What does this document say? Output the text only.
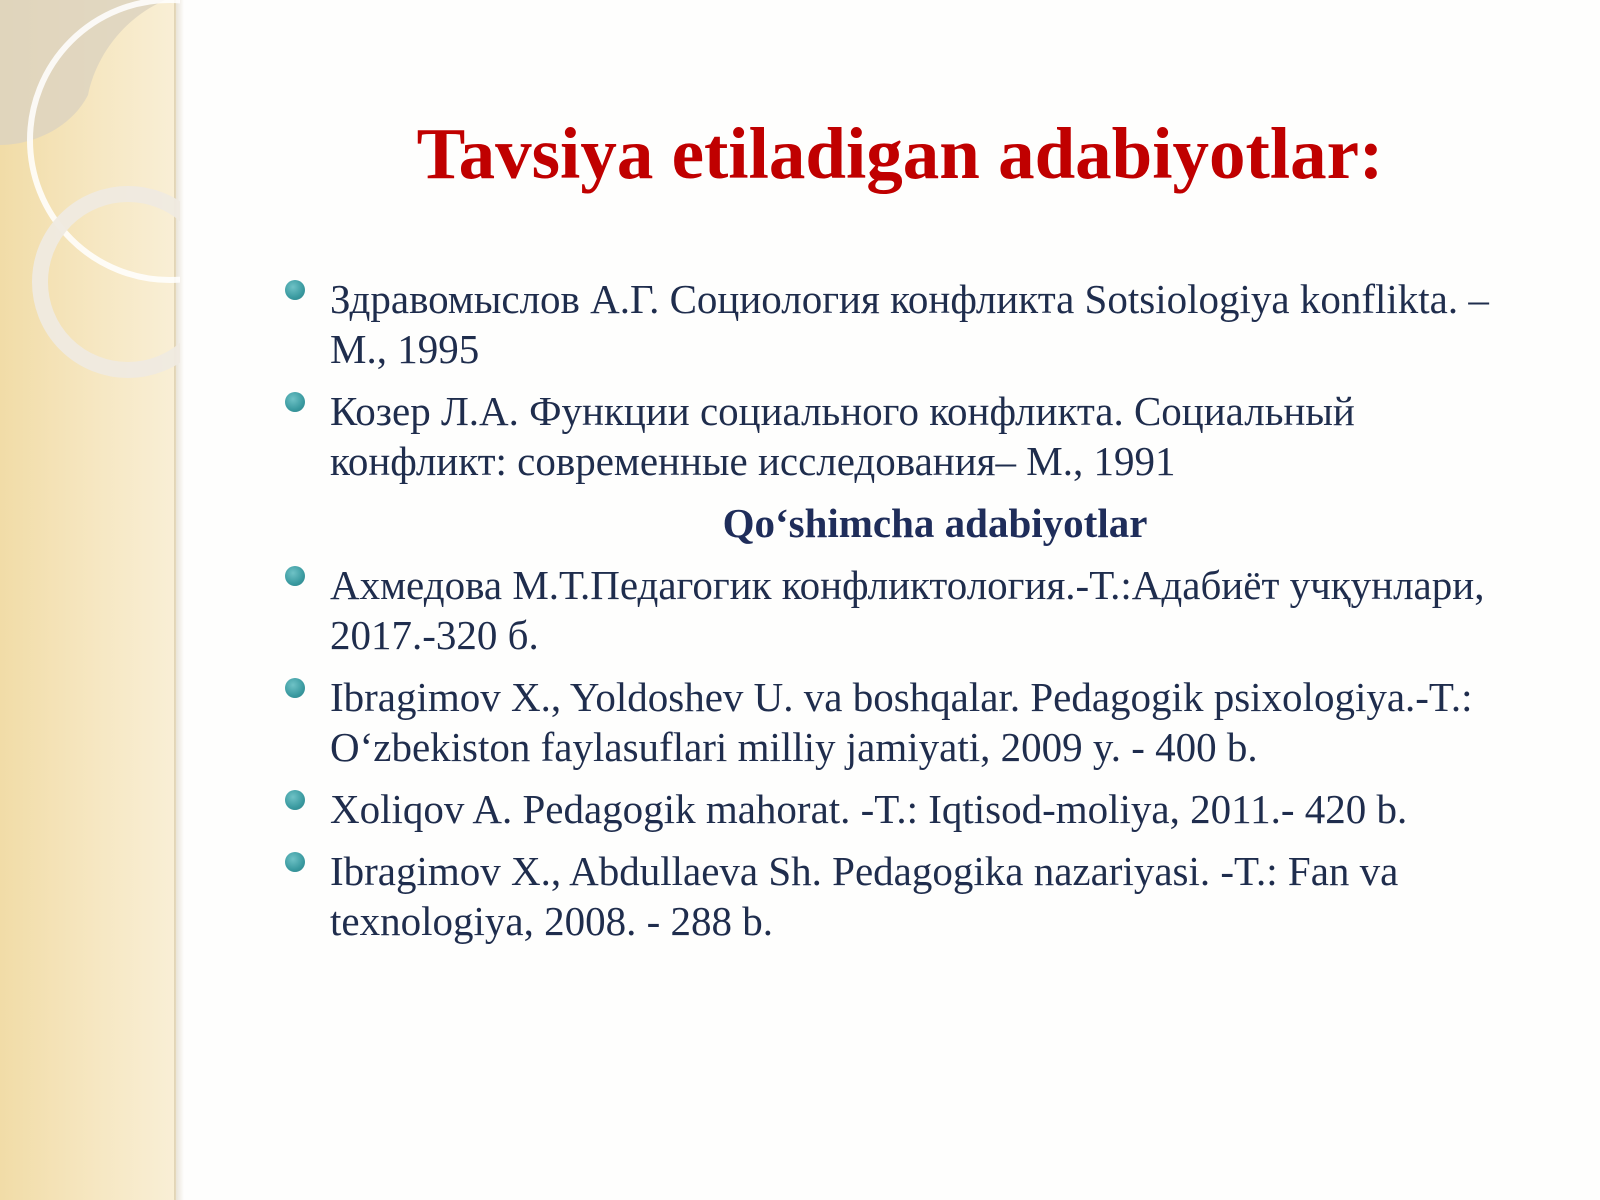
Tavsiya etiladigan adabiyotlar:
Здравомыслов А.Г. Социология конфликта Sotsiologiya konflikta. – M., 1995
Козер Л.А. Функции социального конфликта. Социальный конфликт: современные исследования– M., 1991
Qo‘shimcha adabiyotlar
Ахмедова М.Т.Педагогик конфликтология.-Т.:Адабиёт учқунлари, 2017.-320 б.
Ibragimov X., Yoldoshev U. va boshqalar. Pedagogik psixologiya.-T.: O‘zbekiston faylasuflari milliy jamiyati, 2009 y. - 400 b.
Xoliqov A. Pedagogik mahorat. -T.: Iqtisod-moliya, 2011.- 420 b.
Ibragimov X., Abdullaeva Sh. Pedagogika nazariyasi. -T.: Fan va texnologiya, 2008. - 288 b.
